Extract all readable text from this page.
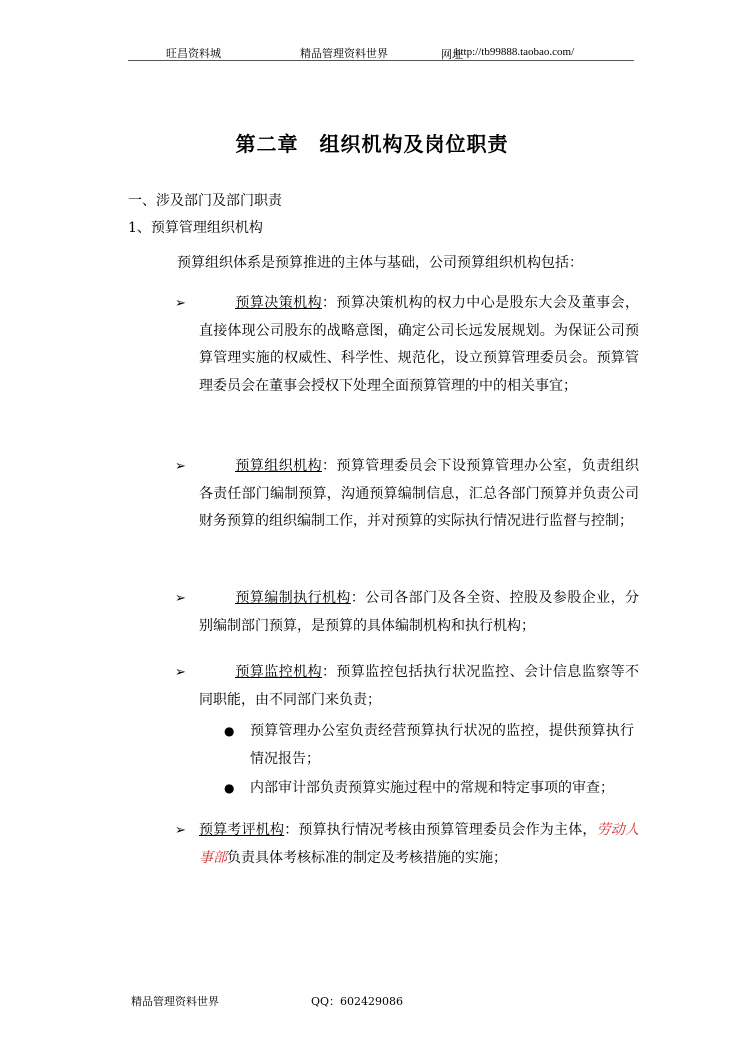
旺昌资料城	精品管理资料世界	网址

http://tb99888.taobao.com/
第二章　组织机构及岗位职责
一、涉及部门及部门职责
1、预算管理组织机构
预算组织体系是预算推进的主体与基础，公司预算组织机构包括：
➢	预算决策机构：预算决策机构的权力中心是股东大会及董事会，直接体现公司股东的战略意图，确定公司长远发展规划。为保证公司预算管理实施的权威性、科学性、规范化，设立预算管理委员会。预算管理委员会在董事会授权下处理全面预算管理的中的相关事宜；
➢	预算组织机构：预算管理委员会下设预算管理办公室，负责组织各责任部门编制预算，沟通预算编制信息，汇总各部门预算并负责公司财务预算的组织编制工作，并对预算的实际执行情况进行监督与控制；
➢	预算编制执行机构：公司各部门及各全资、控股及参股企业，分别编制部门预算，是预算的具体编制机构和执行机构；
➢	预算监控机构：预算监控包括执行状况监控、会计信息监察等不同职能，由不同部门来负责；
● 预算管理办公室负责经营预算执行状况的监控，提供预算执行情况报告；
● 内部审计部负责预算实施过程中的常规和特定事项的审查；
➢ 预算考评机构：预算执行情况考核由预算管理委员会作为主体，劳动人事部负责具体考核标准的制定及考核措施的实施；
精品管理资料世界	QQ：602429086
